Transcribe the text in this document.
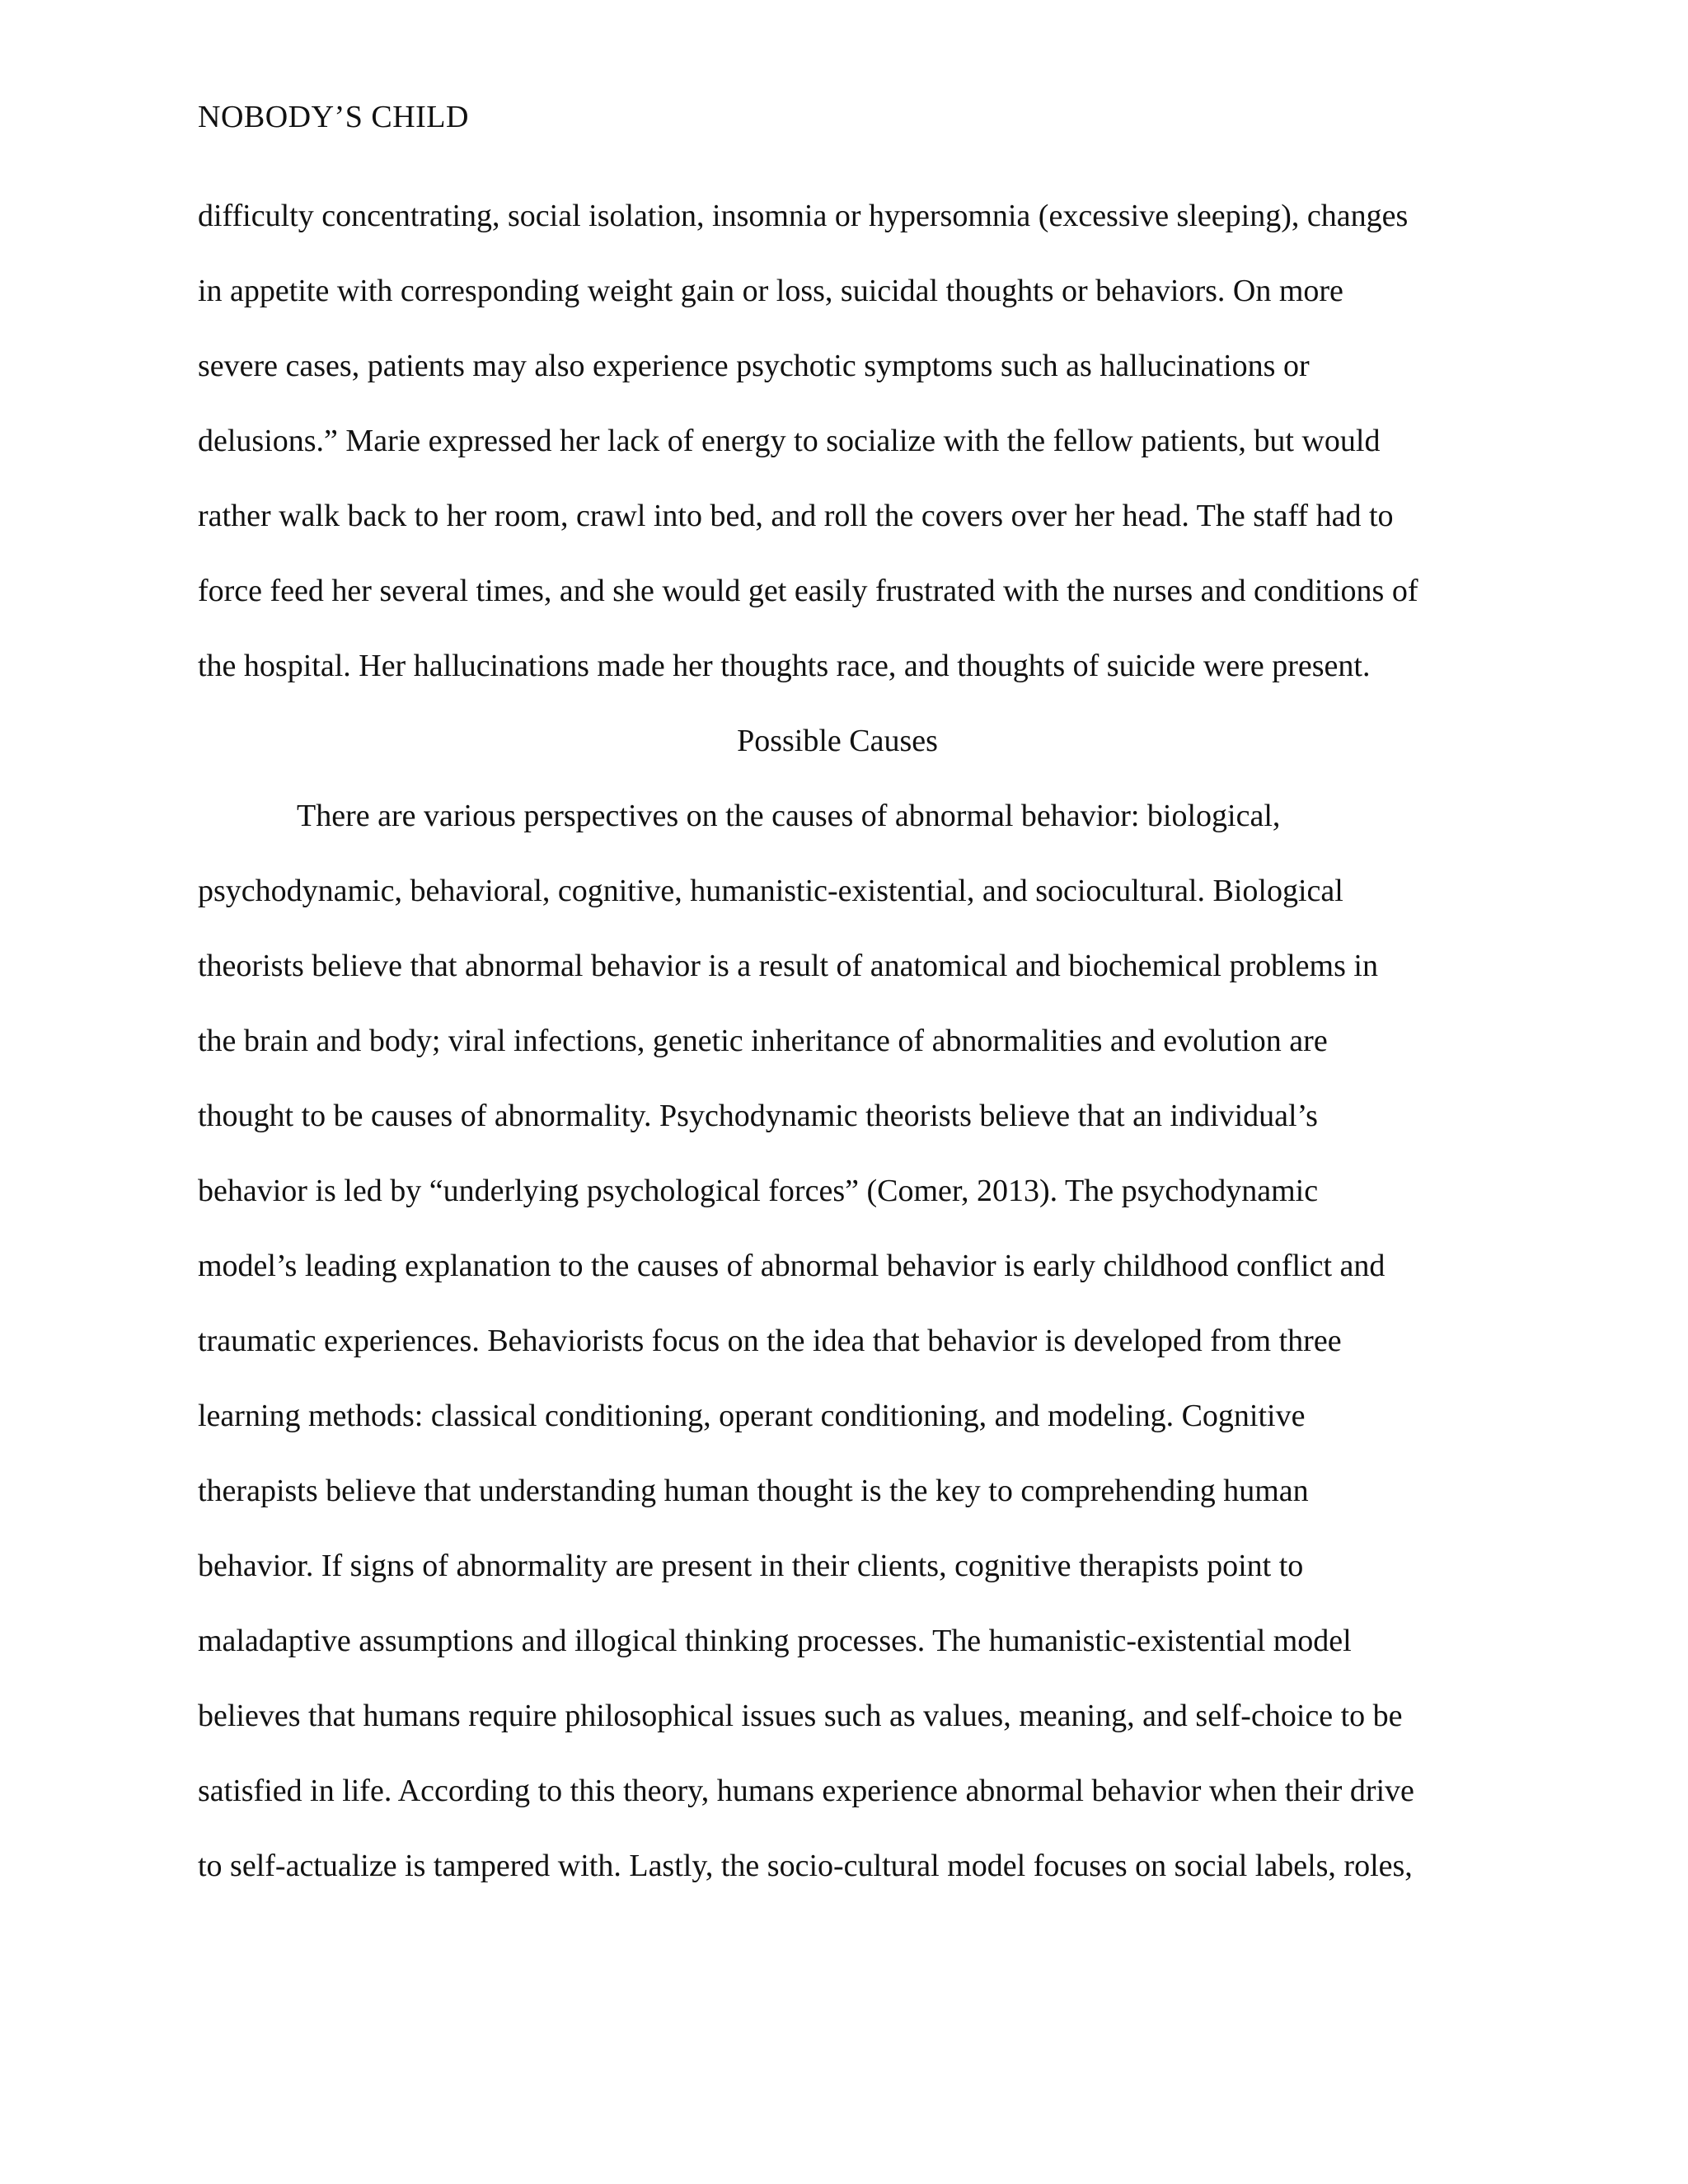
NOBODY’S CHILD
difficulty concentrating, social isolation, insomnia or hypersomnia (excessive sleeping), changes
in appetite with corresponding weight gain or loss, suicidal thoughts or behaviors. On more
severe cases, patients may also experience psychotic symptoms such as hallucinations or
delusions.” Marie expressed her lack of energy to socialize with the fellow patients, but would
rather walk back to her room, crawl into bed, and roll the covers over her head. The staff had to
force feed her several times, and she would get easily frustrated with the nurses and conditions of
the hospital. Her hallucinations made her thoughts race, and thoughts of suicide were present.
Possible Causes
There are various perspectives on the causes of abnormal behavior: biological,
psychodynamic, behavioral, cognitive, humanistic-existential, and sociocultural. Biological
theorists believe that abnormal behavior is a result of anatomical and biochemical problems in
the brain and body; viral infections, genetic inheritance of abnormalities and evolution are
thought to be causes of abnormality. Psychodynamic theorists believe that an individual’s
behavior is led by “underlying psychological forces” (Comer, 2013). The psychodynamic
model’s leading explanation to the causes of abnormal behavior is early childhood conflict and
traumatic experiences. Behaviorists focus on the idea that behavior is developed from three
learning methods: classical conditioning, operant conditioning, and modeling. Cognitive
therapists believe that understanding human thought is the key to comprehending human
behavior. If signs of abnormality are present in their clients, cognitive therapists point to
maladaptive assumptions and illogical thinking processes. The humanistic-existential model
believes that humans require philosophical issues such as values, meaning, and self-choice to be
satisfied in life. According to this theory, humans experience abnormal behavior when their drive
to self-actualize is tampered with. Lastly, the socio-cultural model focuses on social labels, roles,
